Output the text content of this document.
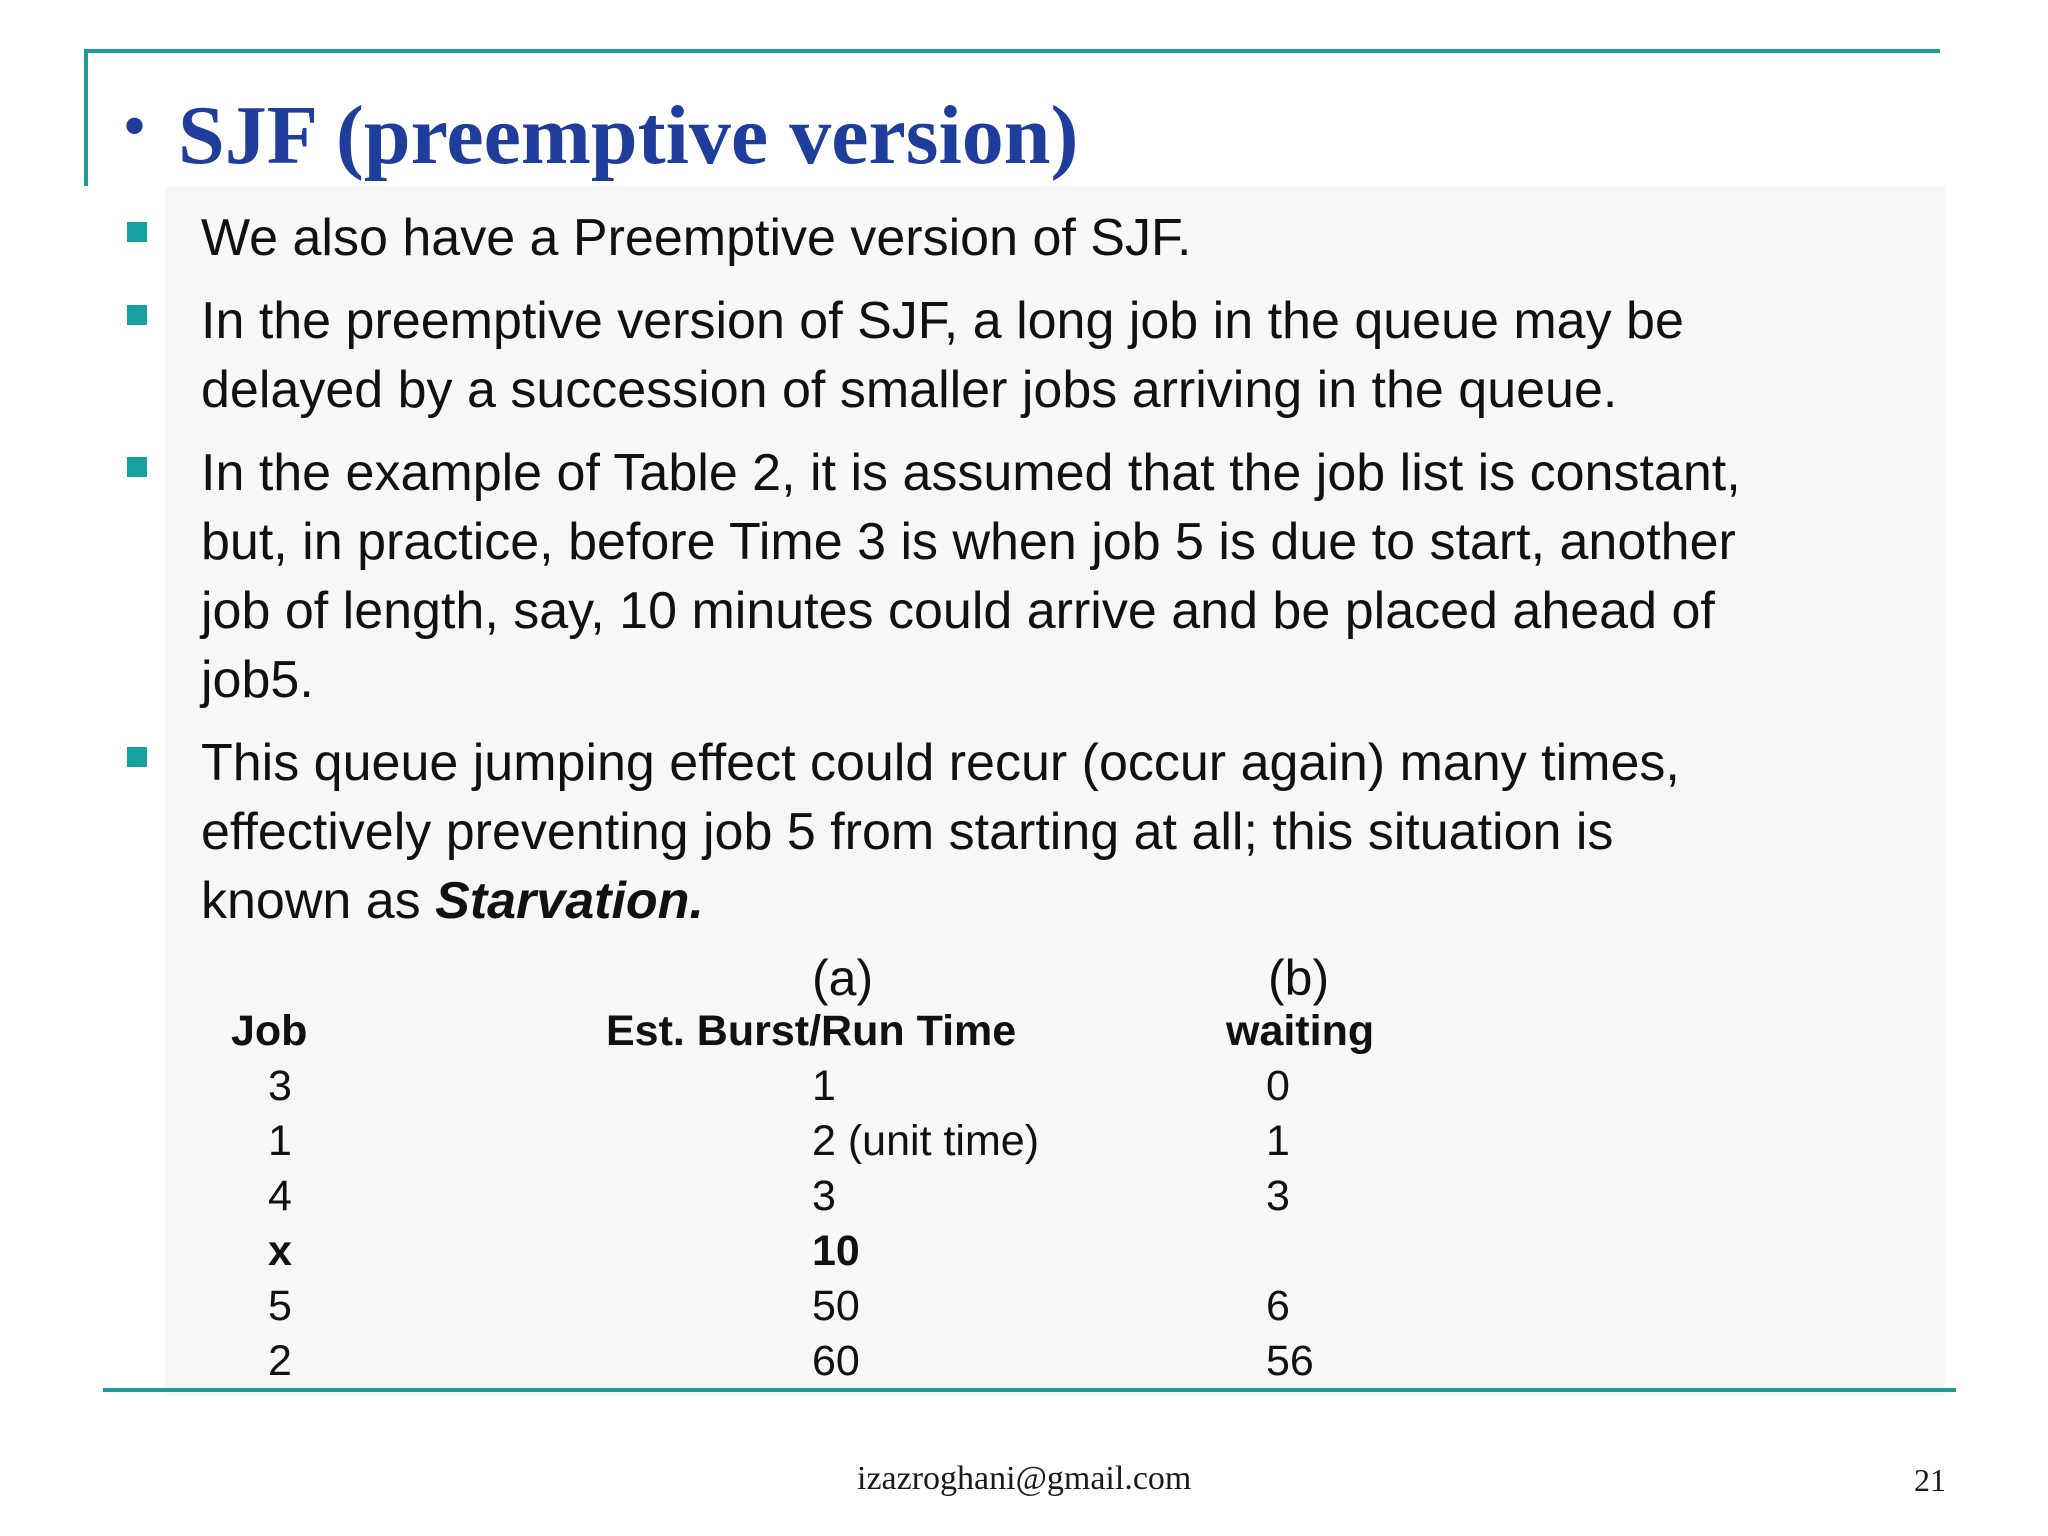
• SJF (preemptive version)
We also have a Preemptive version of SJF.
In the preemptive version of SJF, a long job in the queue may be
delayed by a succession of smaller jobs arriving in the queue.
In the example of Table 2, it is assumed that the job list is constant,
but, in practice, before Time 3 is when job 5 is due to start, another
job of length, say, 10 minutes could arrive and be placed ahead of
job5.
This queue jumping effect could recur (occur again) many times,
effectively preventing job 5 from starting at all; this situation is
known as Starvation.
(a)	(b)
Job	Est. Burst/Run Time	waiting
3	1	0
1	2 (unit time)	1
4	3	3
x	10
5	50	6
2	60	56
izazroghani@gmail.com	21
